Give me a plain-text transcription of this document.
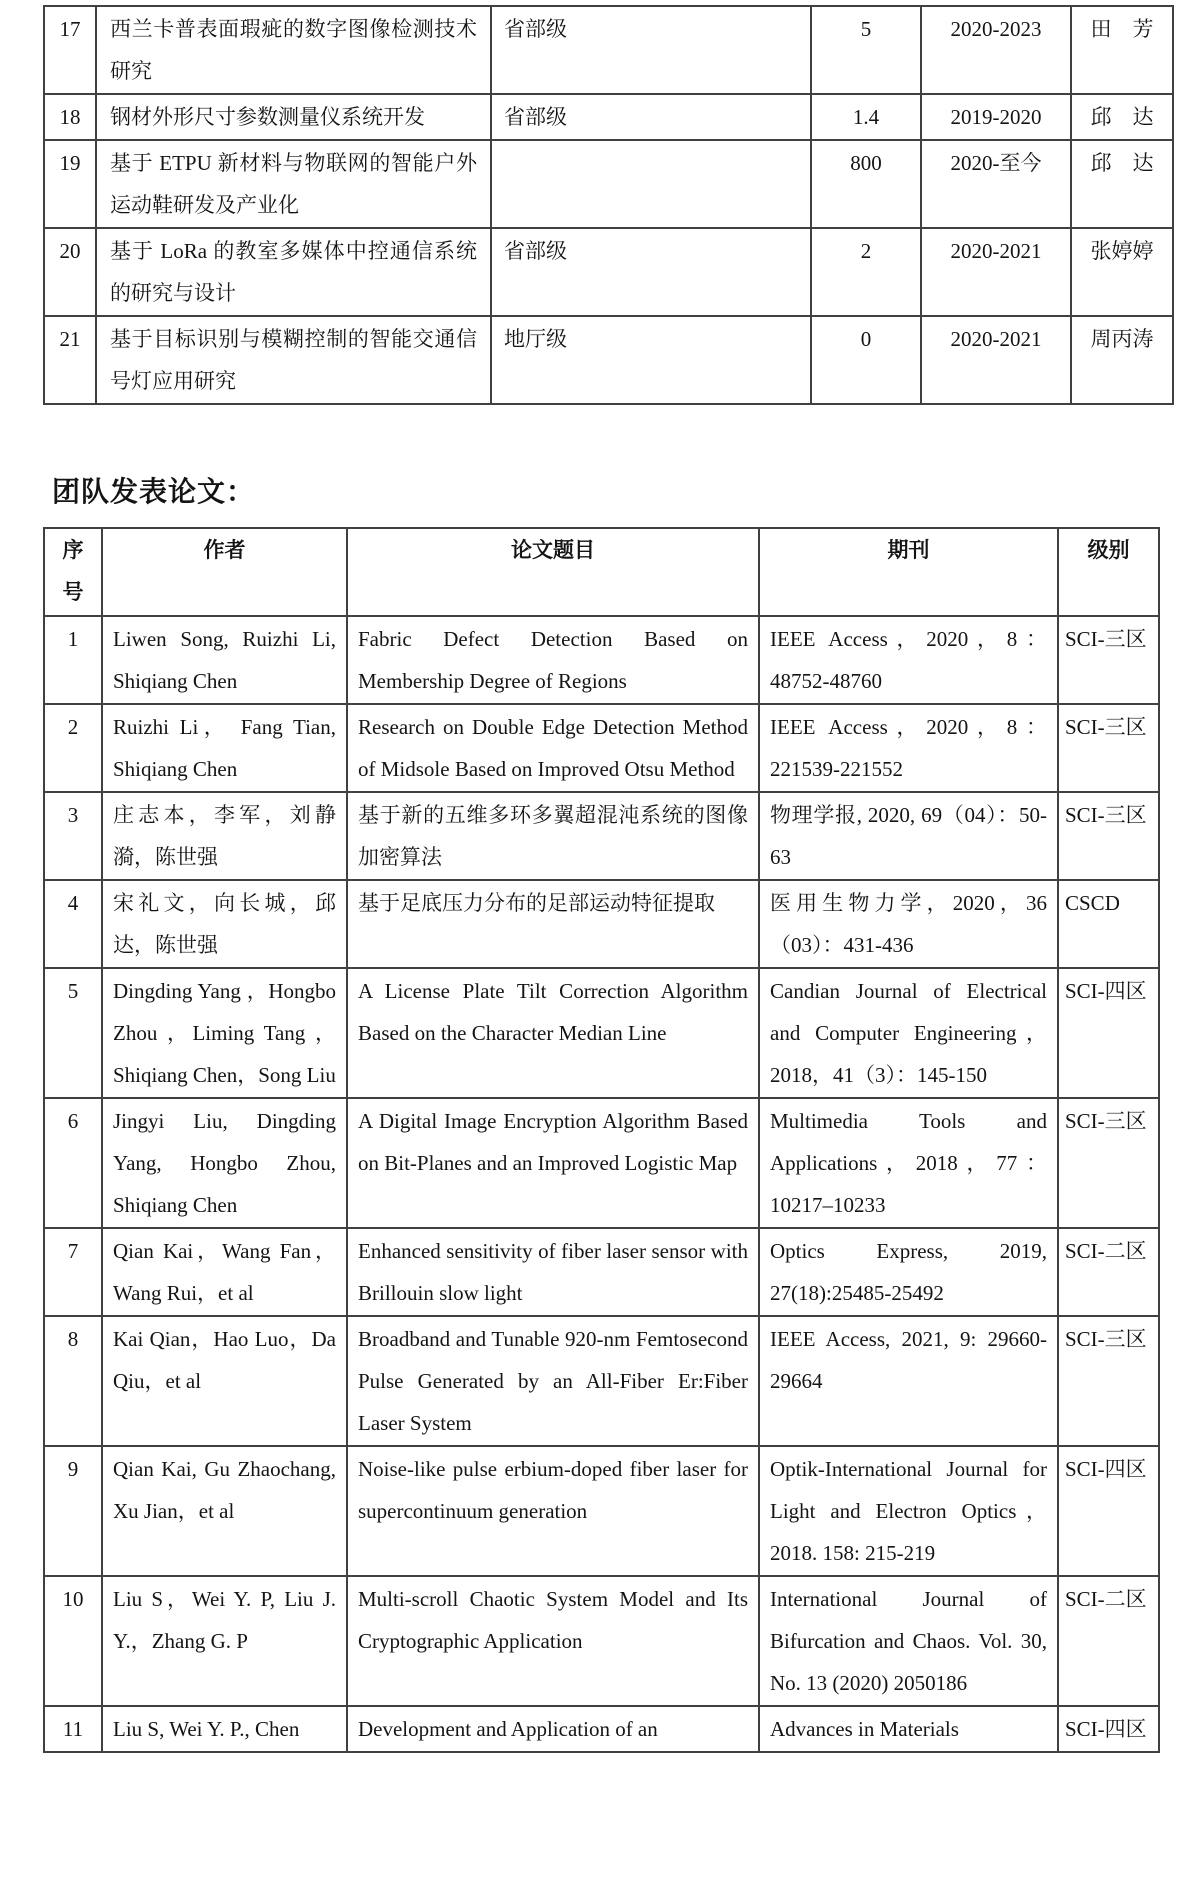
17	西兰卡普表面瑕疵的数字图像检测技术研究	省部级	5	2020-2023	田　芳
18	钢材外形尺寸参数测量仪系统开发	省部级	1.4	2019-2020	邱　达
19	基于 ETPU 新材料与物联网的智能户外运动鞋研发及产业化		800	2020-至今	邱　达
20	基于 LoRa 的教室多媒体中控通信系统的研究与设计	省部级	2	2020-2021	张婷婷
21	基于目标识别与模糊控制的智能交通信号灯应用研究	地厅级	0	2020-2021	周丙涛
团队发表论文：
序号	作者	论文题目	期刊	级别
1	Liwen Song, Ruizhi Li, Shiqiang Chen	Fabric Defect Detection Based on Membership Degree of Regions	IEEE Access，2020，8：48752-48760	SCI-三区
2	Ruizhi Li， Fang Tian, Shiqiang Chen	Research on Double Edge Detection Method of Midsole Based on Improved Otsu Method	IEEE Access，2020，8：221539-221552	SCI-三区
3	庄志本，李军，刘静漪，陈世强	基于新的五维多环多翼超混沌系统的图像加密算法	物理学报, 2020, 69（04）：50-63	SCI-三区
4	宋礼文，向长城，邱达，陈世强	基于足底压力分布的足部运动特征提取	医用生物力学，2020，36（03）：431-436	CSCD
5	Dingding Yang ，Hongbo Zhou ，Liming Tang ，Shiqiang Chen，Song Liu	A License Plate Tilt Correction Algorithm Based on the Character Median Line	Candian Journal of Electrical and Computer Engineering，2018，41（3）：145-150	SCI-四区
6	Jingyi Liu, Dingding Yang, Hongbo Zhou, Shiqiang Chen	A Digital Image Encryption Algorithm Based on Bit-Planes and an Improved Logistic Map	Multimedia Tools and Applications，2018，77：10217–10233	SCI-三区
7	Qian Kai，Wang Fan，Wang Rui，et al	Enhanced sensitivity of fiber laser sensor with Brillouin slow light	Optics Express, 2019, 27(18):25485-25492	SCI-二区
8	Kai Qian，Hao Luo，Da Qiu，et al	Broadband and Tunable 920-nm Femtosecond Pulse Generated by an All-Fiber Er:Fiber Laser System	IEEE Access, 2021, 9: 29660-29664	SCI-三区
9	Qian Kai, Gu Zhaochang, Xu Jian，et al	Noise-like pulse erbium-doped fiber laser for supercontinuum generation	Optik-International Journal for Light and Electron Optics， 2018. 158: 215-219	SCI-四区
10	Liu S，Wei Y. P, Liu J. Y.，Zhang G. P	Multi-scroll Chaotic System Model and Its Cryptographic Application	International Journal of Bifurcation and Chaos. Vol. 30, No. 13 (2020) 2050186	SCI-二区
11	Liu S, Wei Y. P., Chen	Development and Application of an	Advances in Materials	SCI-四区
